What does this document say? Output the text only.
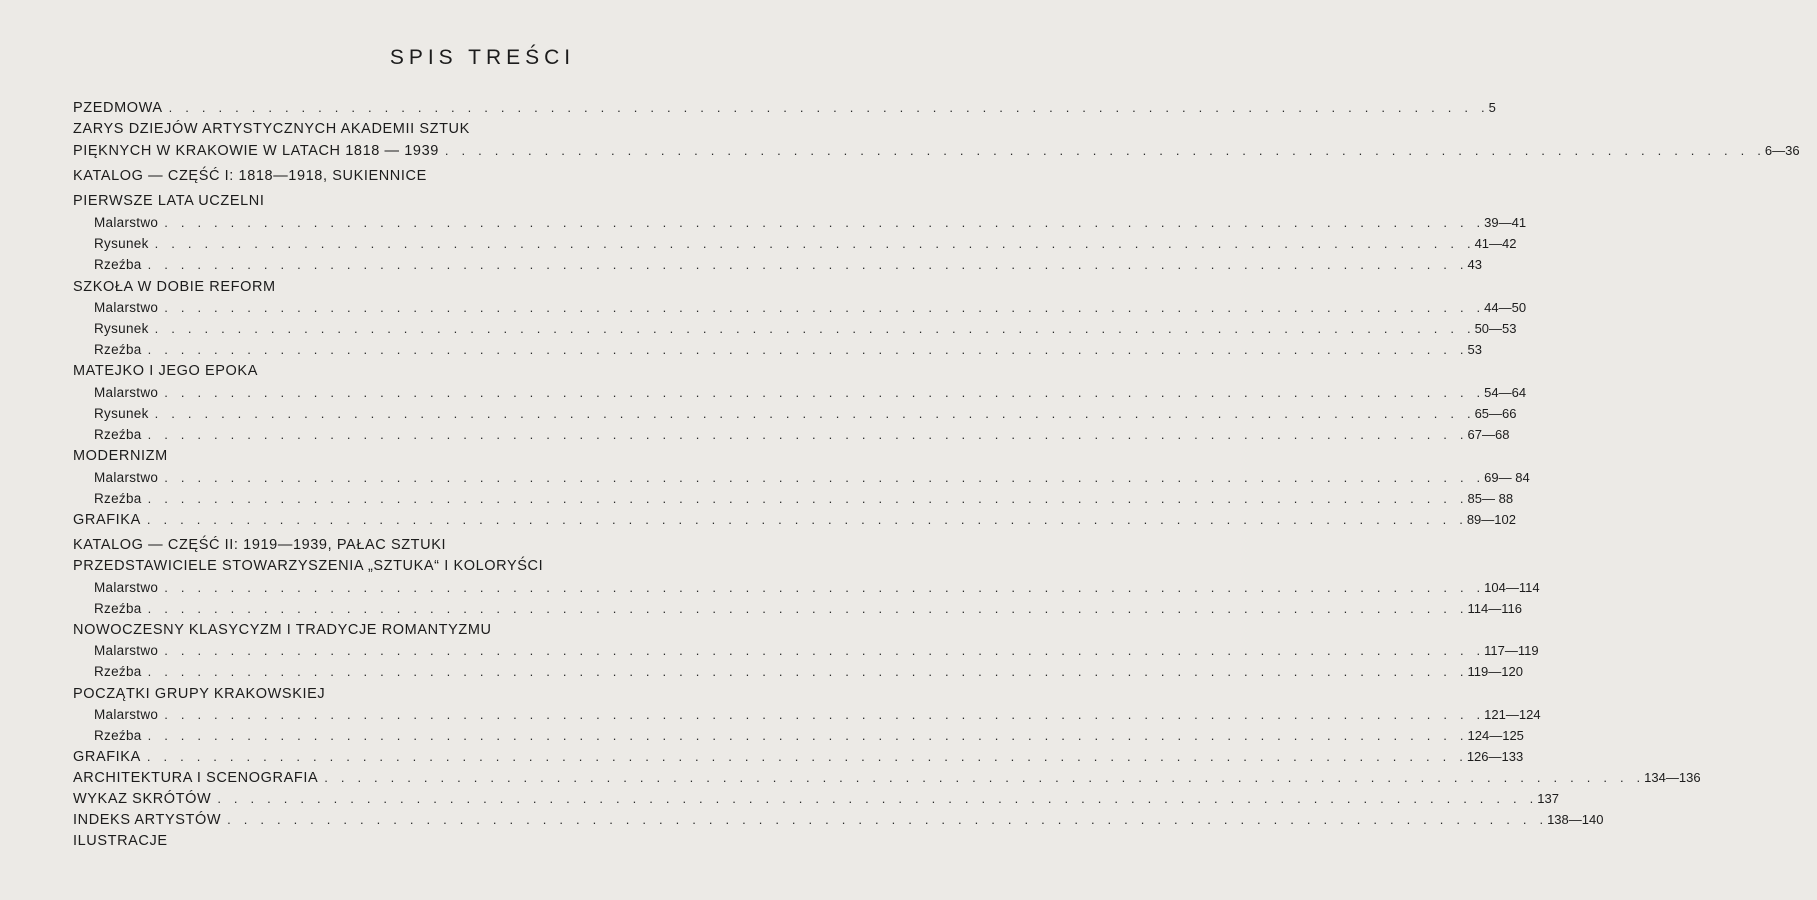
SPIS TREŚCI
PZEDMOWA . . . . . . . . . . . . . . . . . . . . . . . . . . . . . . . . . . . . . . . . . . . . . . . . . . . . . . . . . . . . . . . . . . . . . . . . . . . . . . . . 5
ZARYS DZIEJÓW ARTYSTYCZNYCH AKADEMII SZTUK
PIĘKNYCH W KRAKOWIE W LATACH 1818 — 1939 . . . . . . . . . . . . . . . . . . . . . . . . . . . . . . . . . . . . . . . . . . . . . . . . . . . . . . . . . . . . . . . . . . . . . . . . . . . . . . . . 6—36
KATALOG — CZĘŚĆ I: 1818—1918, SUKIENNICE
PIERWSZE LATA UCZELNI
Malarstwo . . . . . . . . . . . . . . . . . . . . . . . . . . . . . . . . . . . . . . . . . . . . . . . . . . . . . . . . . . . . . . . . . . . . . . . . . . . . . . . . 39—41
Rysunek . . . . . . . . . . . . . . . . . . . . . . . . . . . . . . . . . . . . . . . . . . . . . . . . . . . . . . . . . . . . . . . . . . . . . . . . . . . . . . . . 41—42
Rzeźba . . . . . . . . . . . . . . . . . . . . . . . . . . . . . . . . . . . . . . . . . . . . . . . . . . . . . . . . . . . . . . . . . . . . . . . . . . . . . . . . 43
SZKOŁA W DOBIE REFORM
Malarstwo . . . . . . . . . . . . . . . . . . . . . . . . . . . . . . . . . . . . . . . . . . . . . . . . . . . . . . . . . . . . . . . . . . . . . . . . . . . . . . . . 44—50
Rysunek . . . . . . . . . . . . . . . . . . . . . . . . . . . . . . . . . . . . . . . . . . . . . . . . . . . . . . . . . . . . . . . . . . . . . . . . . . . . . . . . 50—53
Rzeźba . . . . . . . . . . . . . . . . . . . . . . . . . . . . . . . . . . . . . . . . . . . . . . . . . . . . . . . . . . . . . . . . . . . . . . . . . . . . . . . . 53
MATEJKO I JEGO EPOKA
Malarstwo . . . . . . . . . . . . . . . . . . . . . . . . . . . . . . . . . . . . . . . . . . . . . . . . . . . . . . . . . . . . . . . . . . . . . . . . . . . . . . . . 54—64
Rysunek . . . . . . . . . . . . . . . . . . . . . . . . . . . . . . . . . . . . . . . . . . . . . . . . . . . . . . . . . . . . . . . . . . . . . . . . . . . . . . . . 65—66
Rzeźba . . . . . . . . . . . . . . . . . . . . . . . . . . . . . . . . . . . . . . . . . . . . . . . . . . . . . . . . . . . . . . . . . . . . . . . . . . . . . . . . 67—68
MODERNIZM
Malarstwo . . . . . . . . . . . . . . . . . . . . . . . . . . . . . . . . . . . . . . . . . . . . . . . . . . . . . . . . . . . . . . . . . . . . . . . . . . . . . . . . 69— 84
Rzeźba . . . . . . . . . . . . . . . . . . . . . . . . . . . . . . . . . . . . . . . . . . . . . . . . . . . . . . . . . . . . . . . . . . . . . . . . . . . . . . . . 85— 88
GRAFIKA . . . . . . . . . . . . . . . . . . . . . . . . . . . . . . . . . . . . . . . . . . . . . . . . . . . . . . . . . . . . . . . . . . . . . . . . . . . . . . . . 89—102
KATALOG — CZĘŚĆ II: 1919—1939, PAŁAC SZTUKI
PRZEDSTAWICIELE STOWARZYSZENIA „SZTUKA“ I KOLORYŚCI
Malarstwo . . . . . . . . . . . . . . . . . . . . . . . . . . . . . . . . . . . . . . . . . . . . . . . . . . . . . . . . . . . . . . . . . . . . . . . . . . . . . . . . 104—114
Rzeźba . . . . . . . . . . . . . . . . . . . . . . . . . . . . . . . . . . . . . . . . . . . . . . . . . . . . . . . . . . . . . . . . . . . . . . . . . . . . . . . . 114—116
NOWOCZESNY KLASYCYZM I TRADYCJE ROMANTYZMU
Malarstwo . . . . . . . . . . . . . . . . . . . . . . . . . . . . . . . . . . . . . . . . . . . . . . . . . . . . . . . . . . . . . . . . . . . . . . . . . . . . . . . . 117—119
Rzeźba . . . . . . . . . . . . . . . . . . . . . . . . . . . . . . . . . . . . . . . . . . . . . . . . . . . . . . . . . . . . . . . . . . . . . . . . . . . . . . . . 119—120
POCZĄTKI GRUPY KRAKOWSKIEJ
Malarstwo . . . . . . . . . . . . . . . . . . . . . . . . . . . . . . . . . . . . . . . . . . . . . . . . . . . . . . . . . . . . . . . . . . . . . . . . . . . . . . . . 121—124
Rzeźba . . . . . . . . . . . . . . . . . . . . . . . . . . . . . . . . . . . . . . . . . . . . . . . . . . . . . . . . . . . . . . . . . . . . . . . . . . . . . . . . 124—125
GRAFIKA . . . . . . . . . . . . . . . . . . . . . . . . . . . . . . . . . . . . . . . . . . . . . . . . . . . . . . . . . . . . . . . . . . . . . . . . . . . . . . . . 126—133
ARCHITEKTURA I SCENOGRAFIA . . . . . . . . . . . . . . . . . . . . . . . . . . . . . . . . . . . . . . . . . . . . . . . . . . . . . . . . . . . . . . . . . . . . . . . . . . . . . . . . 134—136
WYKAZ SKRÓTÓW . . . . . . . . . . . . . . . . . . . . . . . . . . . . . . . . . . . . . . . . . . . . . . . . . . . . . . . . . . . . . . . . . . . . . . . . . . . . . . . . 137
INDEKS ARTYSTÓW . . . . . . . . . . . . . . . . . . . . . . . . . . . . . . . . . . . . . . . . . . . . . . . . . . . . . . . . . . . . . . . . . . . . . . . . . . . . . . . . 138—140
ILUSTRACJE
